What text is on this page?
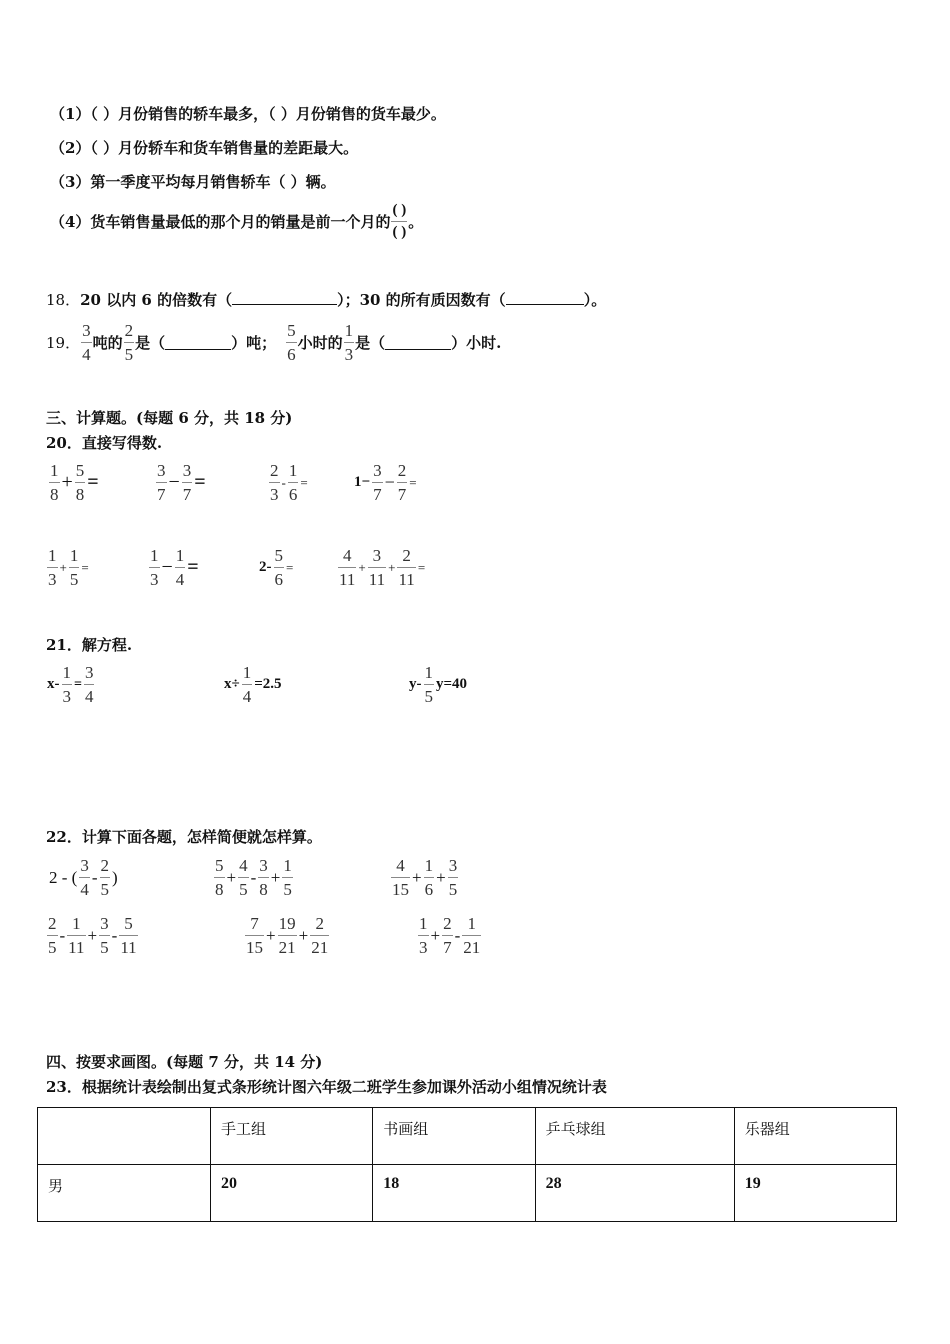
（1）（ ）月份销售的轿车最多，（ ）月份销售的货车最少。
（2）（ ）月份轿车和货车销售量的差距最大。
（3）第一季度平均每月销售轿车（ ）辆。
（4）货车销售量最低的那个月的销量是前一个月的 $\frac{( )}{( )}$ 。
18．20 以内 6 的倍数有（	）；30 的所有质因数有（	）。
19． $\frac{3}{4}$ 吨的 $\frac{2}{5}$ 是（	）吨； $\frac{5}{6}$ 小时的 $\frac{1}{3}$ 是（	）小时.
三、计算题。(每题 6 分，共 18 分)
20．直接写得数.
$\frac{1}{8} + \frac{5}{8}$ =	$\frac{3}{7} - \frac{3}{7}$ =	$\frac{2}{3} - \frac{1}{6}$ =	$1- \frac{3}{7} - \frac{2}{7}$ =
$\frac{1}{3} + \frac{1}{5}$ =	$\frac{1}{3} - \frac{1}{4}$ =	$2- \frac{5}{6}$ =	$\frac{4}{11} + \frac{3}{11} + \frac{2}{11}$ =
21．解方程.
$x- \frac{1}{3} = \frac{3}{4}$	$x\div \frac{1}{4} =2.5$	$y- \frac{1}{5} y=40$
22．计算下面各题，怎样简便就怎样算。
2 - ( $\frac{3}{4} - \frac{2}{5}$ )	$\frac{5}{8} + \frac{4}{5} - \frac{3}{8} + \frac{1}{5}$	$\frac{4}{15} + \frac{1}{6} + \frac{3}{5}$
$\frac{2}{5} - \frac{1}{11} + \frac{3}{5} - \frac{5}{11}$	$\frac{7}{15} + \frac{19}{21} + \frac{2}{21}$	$\frac{1}{3} + \frac{2}{7} - \frac{1}{21}$
四、按要求画图。(每题 7 分，共 14 分)
23．根据统计表绘制出复式条形统计图六年级二班学生参加课外活动小组情况统计表
	手工组	书画组	乒乓球组	乐器组
男	20	18	28	19
